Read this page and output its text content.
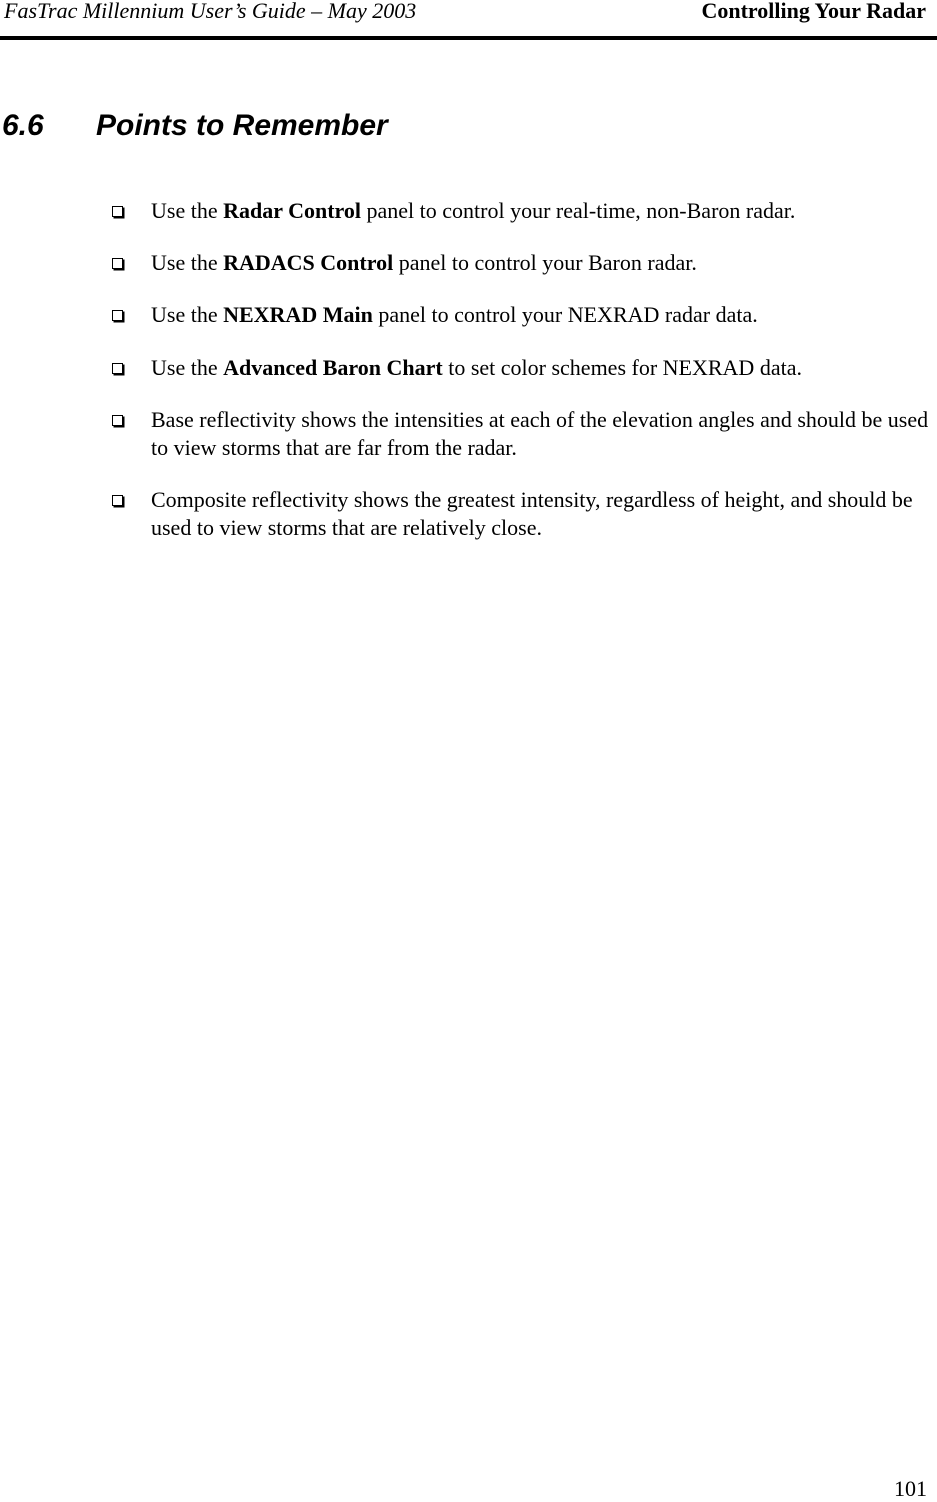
FasTrac Millennium User’s Guide – May 2003	Controlling Your Radar
6.6 Points to Remember
Use the Radar Control panel to control your real-time, non-Baron radar.
Use the RADACS Control panel to control your Baron radar.
Use the NEXRAD Main panel to control your NEXRAD radar data.
Use the Advanced Baron Chart to set color schemes for NEXRAD data.
Base reflectivity shows the intensities at each of the elevation angles and should be used to view storms that are far from the radar.
Composite reflectivity shows the greatest intensity, regardless of height, and should be used to view storms that are relatively close.
101
